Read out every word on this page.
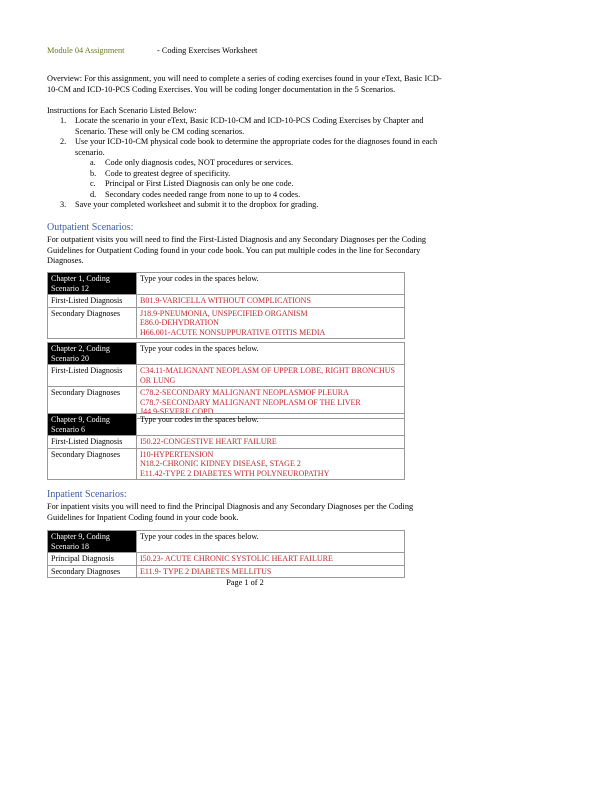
Module 04 Assignment	- Coding Exercises Worksheet
Overview: For this assignment, you will need to complete a series of coding exercises found in your eText, Basic ICD-10-CM and ICD-10-PCS Coding Exercises. You will be coding longer documentation in the 5 Scenarios.
Instructions for Each Scenario Listed Below:
1. Locate the scenario in your eText, Basic ICD-10-CM and ICD-10-PCS Coding Exercises by Chapter and Scenario. These will only be CM coding scenarios.
2. Use your ICD-10-CM physical code book to determine the appropriate codes for the diagnoses found in each scenario.
a. Code only diagnosis codes, NOT procedures or services.
b. Code to greatest degree of specificity.
c. Principal or First Listed Diagnosis can only be one code.
d. Secondary codes needed range from none to up to 4 codes.
3. Save your completed worksheet and submit it to the dropbox for grading.
Outpatient Scenarios:
For outpatient visits you will need to find the First-Listed Diagnosis and any Secondary Diagnoses per the Coding Guidelines for Outpatient Coding found in your code book. You can put multiple codes in the line for Secondary Diagnoses.
Chapter 1, Coding Scenario 12	Type your codes in the spaces below.
First-Listed Diagnosis	B01.9-VARICELLA WITHOUT COMPLICATIONS
Secondary Diagnoses	J18.9-PNEUMONIA, UNSPECIFIED ORGANISM
E86.0-DEHYDRATION
H66.001-ACUTE NONSUPPURATIVE OTITIS MEDIA
Chapter 2, Coding Scenario 20	Type your codes in the spaces below.
First-Listed Diagnosis	C34.11-MALIGNANT NEOPLASM OF UPPER LOBE, RIGHT BRONCHUS OR LUNG
Secondary Diagnoses	C78.2-SECONDARY MALIGNANT NEOPLASMOF PLEURA
C78.7-SECONDARY MALIGNANT NEOPLASM OF THE LIVER
J44.9-SEVERE COPD
Chapter 9, Coding Scenario 6	Type your codes in the spaces below.
First-Listed Diagnosis	I50.22-CONGESTIVE HEART FAILURE
Secondary Diagnoses	I10-HYPERTENSION
N18.2-CHRONIC KIDNEY DISEASE, STAGE 2
E11.42-TYPE 2 DIABETES WITH POLYNEUROPATHY
Inpatient Scenarios:
For inpatient visits you will need to find the Principal Diagnosis and any Secondary Diagnoses per the Coding Guidelines for Inpatient Coding found in your code book.
Chapter 9, Coding Scenario 18	Type your codes in the spaces below.
Principal Diagnosis	I50.23- ACUTE CHRONIC SYSTOLIC HEART FAILURE
Secondary Diagnoses	E11.9- TYPE 2 DIABETES MELLITUS
Page 1 of 2
